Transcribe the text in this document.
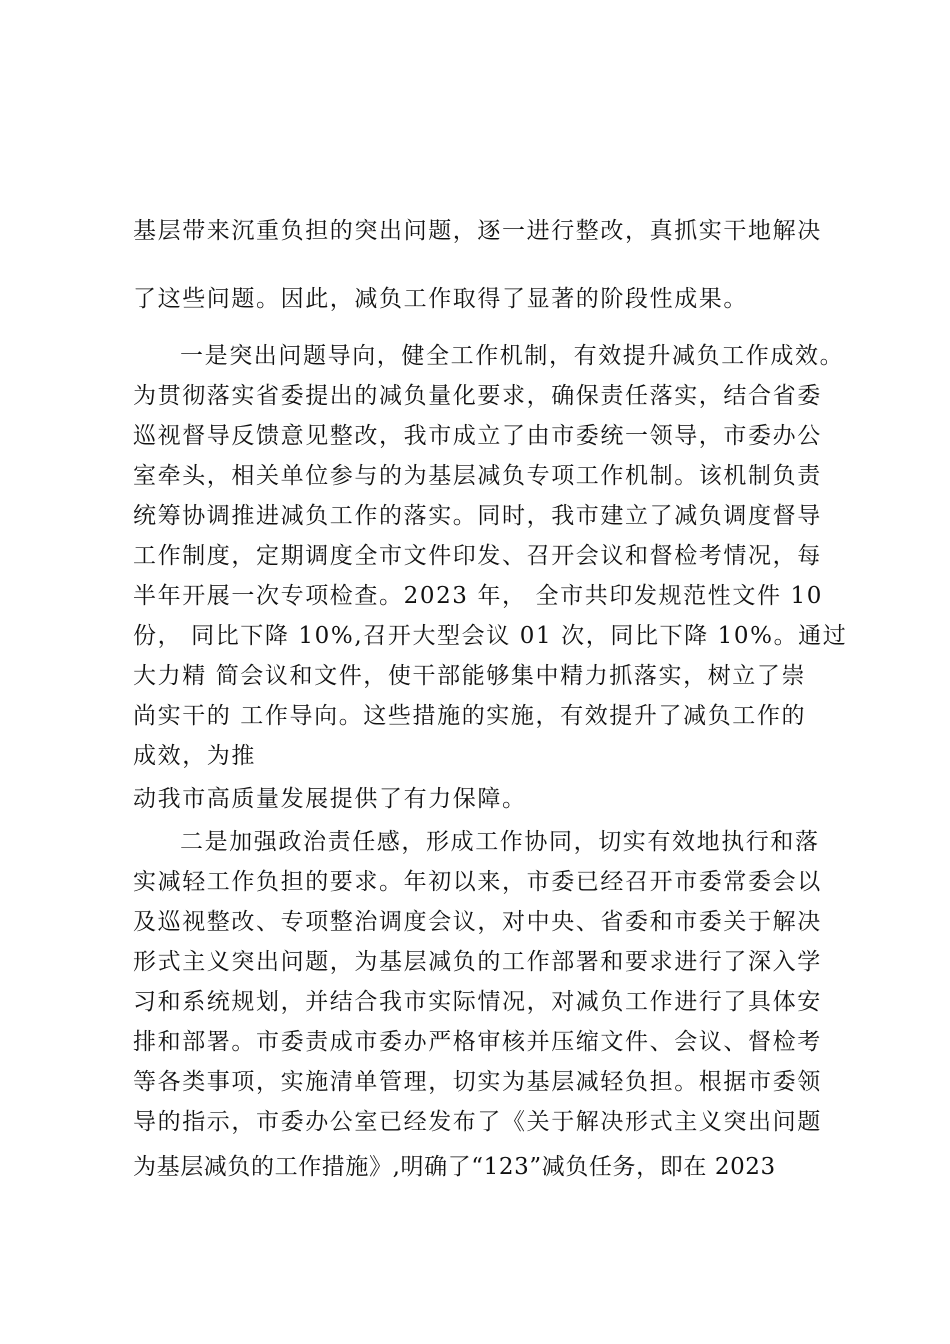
基层带来沉重负担的突出问题，逐一进行整改，真抓实干地解决
了这些问题。因此，减负工作取得了显著的阶段性成果。
一是突出问题导向，健全工作机制，有效提升减负工作成效。
为贯彻落实省委提出的减负量化要求，确保责任落实，结合省委
巡视督导反馈意见整改，我市成立了由市委统一领导，市委办公
室牵头，相关单位参与的为基层减负专项工作机制。该机制负责
统筹协调推进减负工作的落实。同时，我市建立了减负调度督导
工作制度，定期调度全市文件印发、召开会议和督检考情况，每
半年开展一次专项检查。2023 年， 全市共印发规范性文件 10
份， 同比下降 10%,召开大型会议 01 次，同比下降 10%。通过
大力精 简会议和文件，使干部能够集中精力抓落实，树立了崇
尚实干的 工作导向。这些措施的实施，有效提升了减负工作的
成效，为推
动我市高质量发展提供了有力保障。
二是加强政治责任感，形成工作协同，切实有效地执行和落
实减轻工作负担的要求。年初以来，市委已经召开市委常委会以
及巡视整改、专项整治调度会议，对中央、省委和市委关于解决
形式主义突出问题，为基层减负的工作部署和要求进行了深入学
习和系统规划，并结合我市实际情况，对减负工作进行了具体安
排和部署。市委责成市委办严格审核并压缩文件、会议、督检考
等各类事项，实施清单管理，切实为基层减轻负担。根据市委领
导的指示，市委办公室已经发布了《关于解决形式主义突出问题
为基层减负的工作措施》,明确了“123”减负任务，即在 2023
